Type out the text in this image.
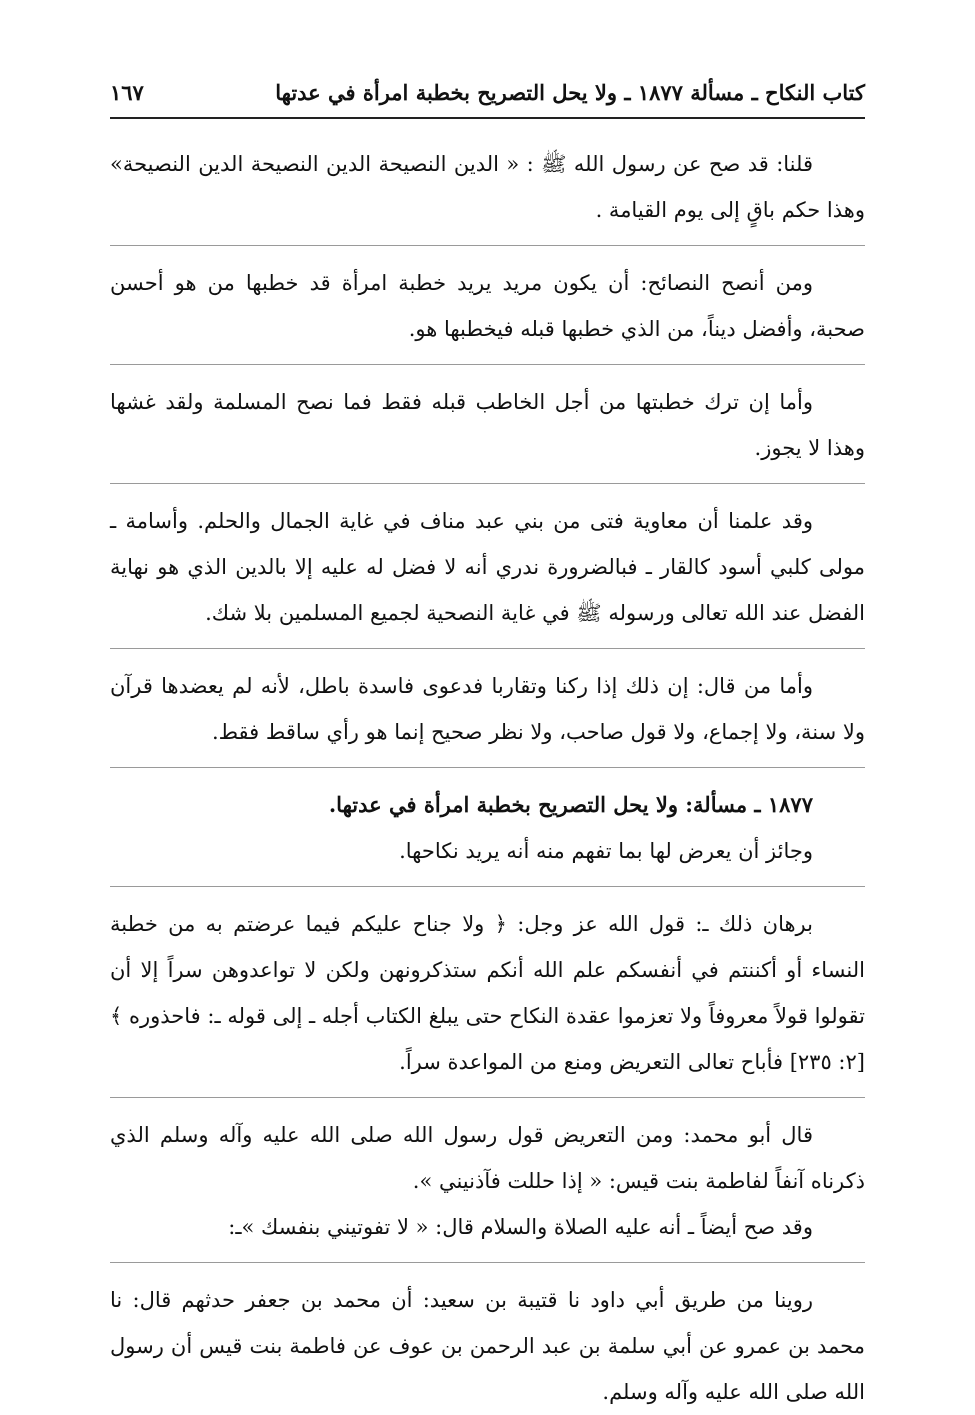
كتاب النكاح ـ مسألة ١٨٧٧ ـ ولا يحل التصريح بخطبة امرأة في عدتها
١٦٧

قلنا: قد صح عن رسول الله ﷺ : « الدين النصيحة الدين النصيحة الدين النصيحة» وهذا حكم باقٍ إلى يوم القيامة .

ومن أنصح النصائح: أن يكون مريد يريد خطبة امرأة قد خطبها من هو أحسن صحبة، وأفضل ديناً، من الذي خطبها قبله فيخطبها هو.

وأما إن ترك خطبتها من أجل الخاطب قبله فقط فما نصح المسلمة ولقد غشها وهذا لا يجوز.

وقد علمنا أن معاوية فتى من بني عبد مناف في غاية الجمال والحلم. وأسامة ـ مولى كلبي أسود كالقار ـ فبالضرورة ندري أنه لا فضل له عليه إلا بالدين الذي هو نهاية الفضل عند الله تعالى ورسوله ﷺ في غاية النصحية لجميع المسلمين بلا شك.

وأما من قال: إن ذلك إذا ركنا وتقاربا فدعوى فاسدة باطل، لأنه لم يعضدها قرآن ولا سنة، ولا إجماع، ولا قول صاحب، ولا نظر صحيح إنما هو رأي ساقط فقط.

١٨٧٧ ـ مسألة: ولا يحل التصريح بخطبة امرأة في عدتها.

وجائز أن يعرض لها بما تفهم منه أنه يريد نكاحها.

برهان ذلك ـ: قول الله عز وجل: ﴿ ولا جناح عليكم فيما عرضتم به من خطبة النساء أو أكننتم في أنفسكم علم الله أنكم ستذكرونهن ولكن لا تواعدوهن سراً إلا أن تقولوا قولاً معروفاً ولا تعزموا عقدة النكاح حتى يبلغ الكتاب أجله ـ إلى قوله ـ: فاحذوره ﴾ [٢: ٢٣٥] فأباح تعالى التعريض ومنع من المواعدة سراً.

قال أبو محمد: ومن التعريض قول رسول الله صلى الله عليه وآله وسلم الذي ذكرناه آنفاً لفاطمة بنت قيس: « إذا حللت فآذنيني ».

وقد صح أيضاً ـ أنه عليه الصلاة والسلام قال: « لا تفوتيني بنفسك »ـ:

روينا من طريق أبي داود نا قتيبة بن سعيد: أن محمد بن جعفر حدثهم قال: نا محمد بن عمرو عن أبي سلمة بن عبد الرحمن بن عوف عن فاطمة بنت قيس أن رسول الله صلى الله عليه وآله وسلم.
